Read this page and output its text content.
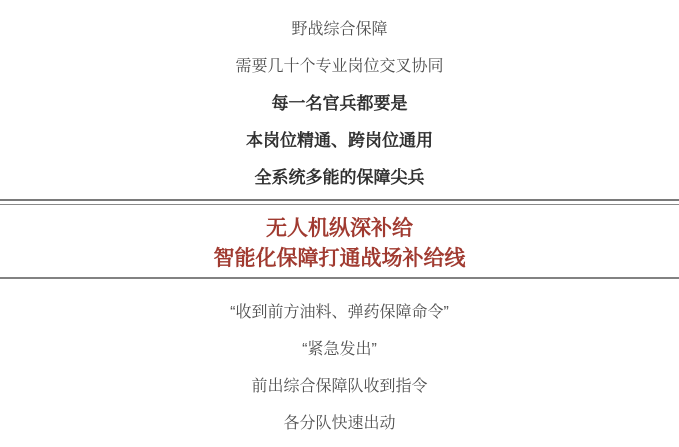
野战综合保障

需要几十个专业岗位交叉协同

每一名官兵都要是

本岗位精通、跨岗位通用

全系统多能的保障尖兵

无人机纵深补给

智能化保障打通战场补给线

“收到前方油料、弹药保障命令”

“紧急发出”

前出综合保障队收到指令

各分队快速出动
